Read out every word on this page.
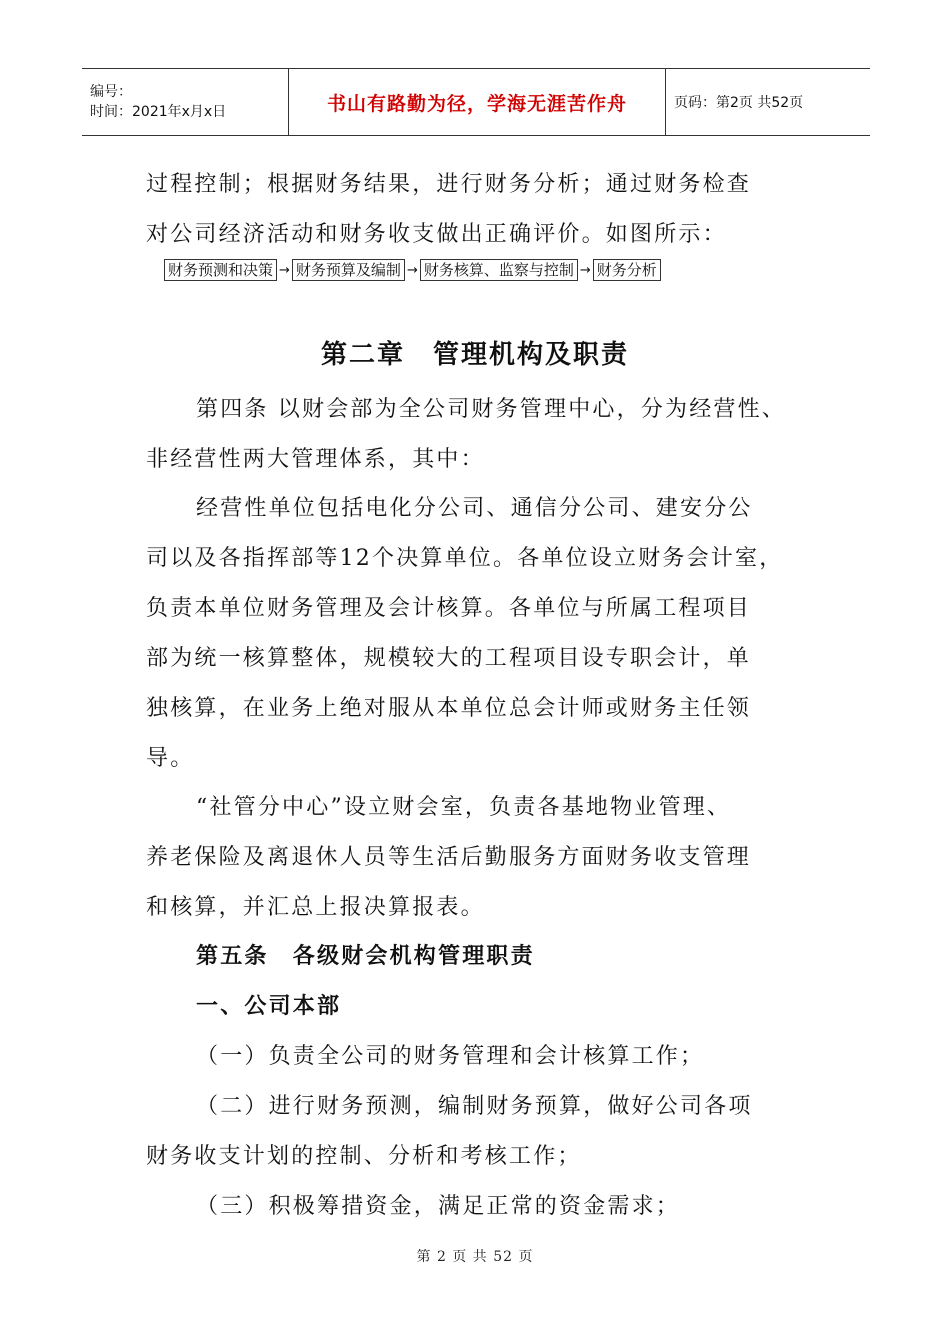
编号：
时间：2021年x月x日	书山有路勤为径，学海无涯苦作舟	页码：第2页 共52页
过程控制；根据财务结果，进行财务分析；通过财务检查
对公司经济活动和财务收支做出正确评价。如图所示：
财务预测和决策 → 财务预算及编制 → 财务核算、监察与控制 → 财务分析
第二章　管理机构及职责
第四条 以财会部为全公司财务管理中心，分为经营性、
非经营性两大管理体系，其中：
经营性单位包括电化分公司、通信分公司、建安分公
司以及各指挥部等12个决算单位。各单位设立财务会计室，
负责本单位财务管理及会计核算。各单位与所属工程项目
部为统一核算整体，规模较大的工程项目设专职会计，单
独核算，在业务上绝对服从本单位总会计师或财务主任领
导。
“社管分中心”设立财会室，负责各基地物业管理、
养老保险及离退休人员等生活后勤服务方面财务收支管理
和核算，并汇总上报决算报表。
第五条　各级财会机构管理职责
一、公司本部
（一）负责全公司的财务管理和会计核算工作；
（二）进行财务预测，编制财务预算，做好公司各项
财务收支计划的控制、分析和考核工作；
（三）积极筹措资金，满足正常的资金需求；
第 2 页 共 52 页
